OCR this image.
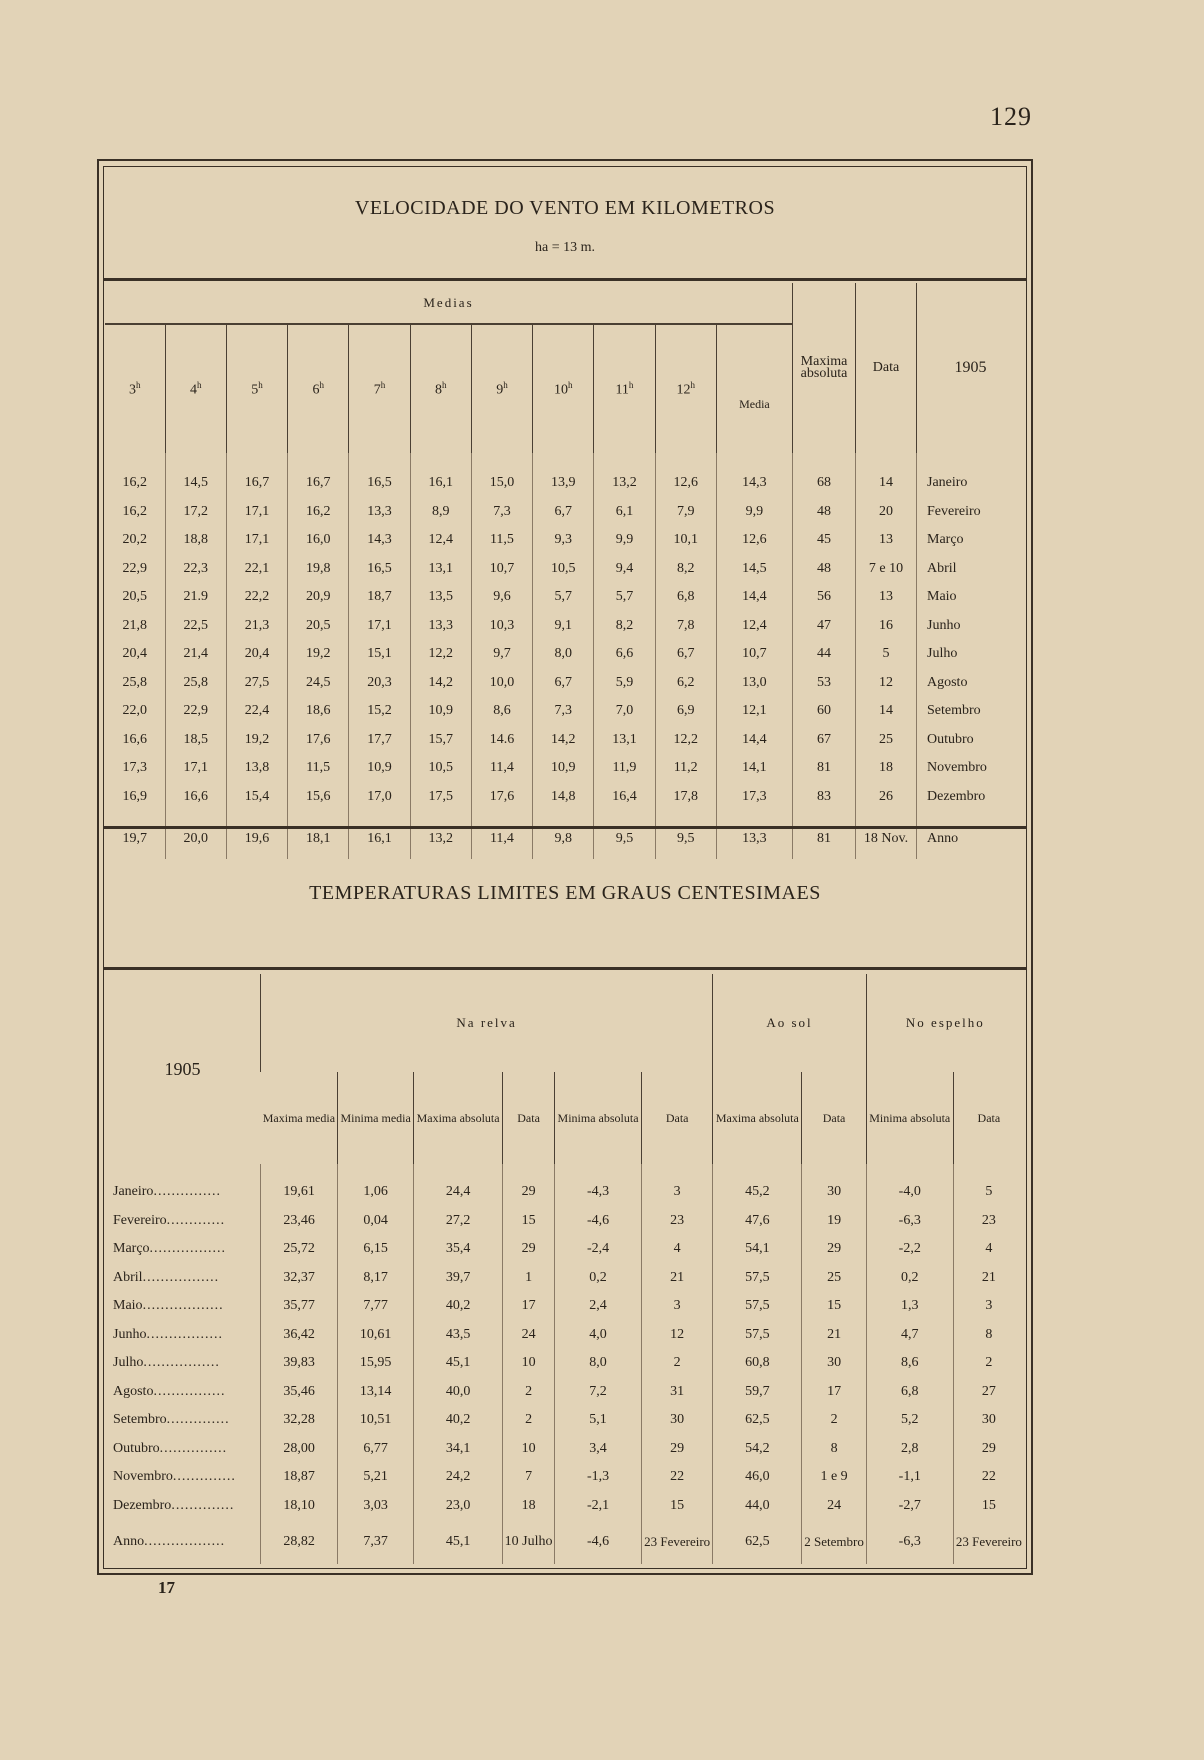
129
VELOCIDADE DO VENTO EM KILOMETROS
ha = 13 m.
Medias											Maxima absoluta	Data	1905
3$^h$	4$^h$	5$^h$	6$^h$	7$^h$	8$^h$	9$^h$	10$^h$	11$^h$	12$^h$	Media			
16,2	14,5	16,7	16,7	16,5	16,1	15,0	13,9	13,2	12,6	14,3	68	14	Janeiro
16,2	17,2	17,1	16,2	13,3	8,9	7,3	6,7	6,1	7,9	9,9	48	20	Fevereiro
20,2	18,8	17,1	16,0	14,3	12,4	11,5	9,3	9,9	10,1	12,6	45	13	Março
22,9	22,3	22,1	19,8	16,5	13,1	10,7	10,5	9,4	8,2	14,5	48	7 e 10	Abril
20,5	21.9	22,2	20,9	18,7	13,5	9,6	5,7	5,7	6,8	14,4	56	13	Maio
21,8	22,5	21,3	20,5	17,1	13,3	10,3	9,1	8,2	7,8	12,4	47	16	Junho
20,4	21,4	20,4	19,2	15,1	12,2	9,7	8,0	6,6	6,7	10,7	44	5	Julho
25,8	25,8	27,5	24,5	20,3	14,2	10,0	6,7	5,9	6,2	13,0	53	12	Agosto
22,0	22,9	22,4	18,6	15,2	10,9	8,6	7,3	7,0	6,9	12,1	60	14	Setembro
16,6	18,5	19,2	17,6	17,7	15,7	14.6	14,2	13,1	12,2	14,4	67	25	Outubro
17,3	17,1	13,8	11,5	10,9	10,5	11,4	10,9	11,9	11,2	14,1	81	18	Novembro
16,9	16,6	15,4	15,6	17,0	17,5	17,6	14,8	16,4	17,8	17,3	83	26	Dezembro
19,7	20,0	19,6	18,1	16,1	13,2	11,4	9,8	9,5	9,5	13,3	81	18 Nov.	Anno
TEMPERATURAS LIMITES EM GRAUS CENTESIMAES
1905	Na relva						Ao sol		No espelho	
	Maxima media	Minima media	Maxima absoluta	Data	Minima absoluta	Data	Maxima absoluta	Data	Minima absoluta	Data
Janeiro...............	19,61	1,06	24,4	29	-4,3	3	45,2	30	-4,0	5
Fevereiro.............	23,46	0,04	27,2	15	-4,6	23	47,6	19	-6,3	23
Março.................	25,72	6,15	35,4	29	-2,4	4	54,1	29	-2,2	4
Abril.................	32,37	8,17	39,7	1	0,2	21	57,5	25	0,2	21
Maio..................	35,77	7,77	40,2	17	2,4	3	57,5	15	1,3	3
Junho.................	36,42	10,61	43,5	24	4,0	12	57,5	21	4,7	8
Julho.................	39,83	15,95	45,1	10	8,0	2	60,8	30	8,6	2
Agosto................	35,46	13,14	40,0	2	7,2	31	59,7	17	6,8	27
Setembro..............	32,28	10,51	40,2	2	5,1	30	62,5	2	5,2	30
Outubro...............	28,00	6,77	34,1	10	3,4	29	54,2	8	2,8	29
Novembro..............	18,87	5,21	24,2	7	-1,3	22	46,0	1 e 9	-1,1	22
Dezembro..............	18,10	3,03	23,0	18	-2,1	15	44,0	24	-2,7	15
Anno..................	28,82	7,37	45,1	10 Julho	-4,6	23 Fevereiro	62,5	2 Setembro	-6,3	23 Fevereiro
17
